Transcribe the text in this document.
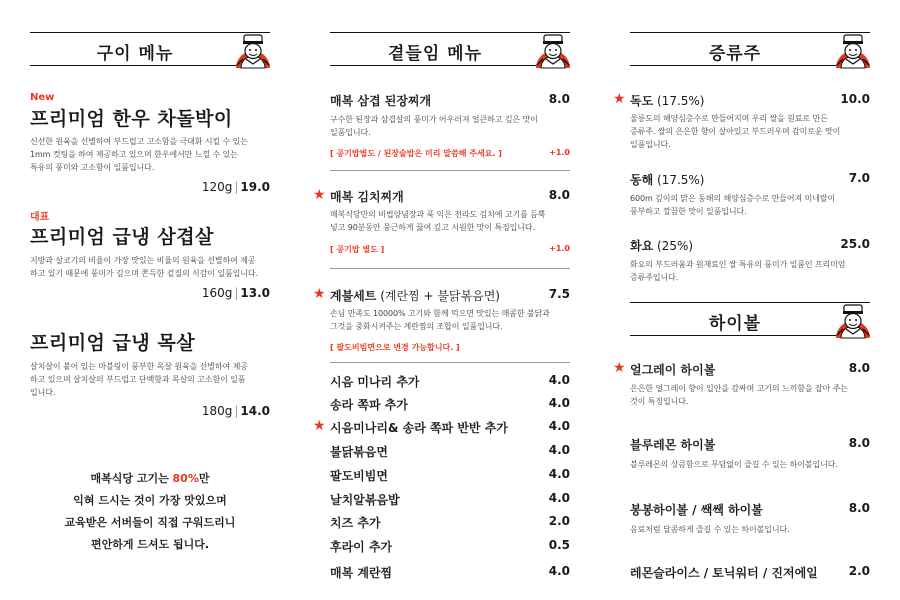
구이 메뉴
New
프리미엄 한우 차돌박이
신선한 원육을 선별하여 부드럽고 고소함을 극대화 시킬 수 있는
1mm 컷팅을 하여 제공하고 있으며 한우에서만 느낄 수 있는
특유의 풍미와 고소함이 일품입니다.
120g | 19.0
대표
프리미엄 급냉 삼겹살
지방과 살코기의 비율이 가장 맛있는 비율의 원육을 선별하여 제공
하고 있기 때문에 풍미가 깊으며 쫀득한 겉질의 식감이 일품입니다.
160g | 13.0
프리미엄 급냉 목살
살치살이 붙어 있는 마블링이 풍부한 목살 원육을 선별하여 제공
하고 있으며 살치살의 부드럽고 단백함과 목살의 고소함이 일품
입니다.
180g | 14.0
매복식당 고기는 80%만
익혀 드시는 것이 가장 맛있으며
교육받은 서버들이 직접 구워드리니
편안하게 드셔도 됩니다.
곁들임 메뉴
매복 삼겹 된장찌개	8.0
구수한 된장과 삼겹살의 풍미가 어우러져 얼큰하고 깊은 맛이
일품입니다.
[ 공기밥별도 / 된장술밥은 미리 말씀해 주세요. ]	+1.0
★ 매복 김치찌개	8.0
매복식당만의 비법양념장과 푹 익은 전라도 김치에 고기를 듬뿍
넣고 90분동안 뭉근하게 끓여 깊고 시원한 맛이 특징입니다.
[ 공기밥 별도 ]	+1.0
★ 계불세트 (계란찜 + 불닭볶음면)	7.5
손님 만족도 10000% 고기와 함께 먹으면 맛있는 매콤한 불닭과
그것을 중화시켜주는 계란찜의 조합이 일품입니다.
[ 팔도비빔면으로 변경 가능합니다. ]
시음 미나리 추가	4.0
송라 쪽파 추가	4.0
★ 시음미나리& 송라 쪽파 반반 추가	4.0
불닭볶음면	4.0
팔도비빔면	4.0
날치알볶음밥	4.0
치즈 추가	2.0
후라이 추가	0.5
매복 계란찜	4.0
증류주
★ 독도 (17.5%)	10.0
울릉도의 해양심층수로 만들어지며 우리 쌀을 원료로 만든
증류주. 쌀의 은은한 향이 살아있고 부드러우며 감미로운 맛이
일품입니다.
동해 (17.5%)	7.0
600m 깊이의 맑은 동해의 해양심층수로 만들어져 미네랄이
풍부하고 깔끔한 맛이 일품입니다.
화요 (25%)	25.0
화요의 부드러움과 원재료인 쌀 특유의 풍미가 일품인 프리미엄
증류주입니다.
하이볼
★ 얼그레이 하이볼	8.0
은은한 얼그레이 향이 입안을 감싸며 고기의 느끼함을 잡아 주는
것이 특징입니다.
블루레몬 하이볼	8.0
블루레몬의 상큼함으로 무담없이 즐길 수 있는 하이볼입니다.
봉봉하이볼 / 쌕쌕 하이볼	8.0
음료처럼 달콤하게 즐길 수 있는 하이볼입니다.
레몬슬라이스 / 토닉워터 / 진저에일	2.0
